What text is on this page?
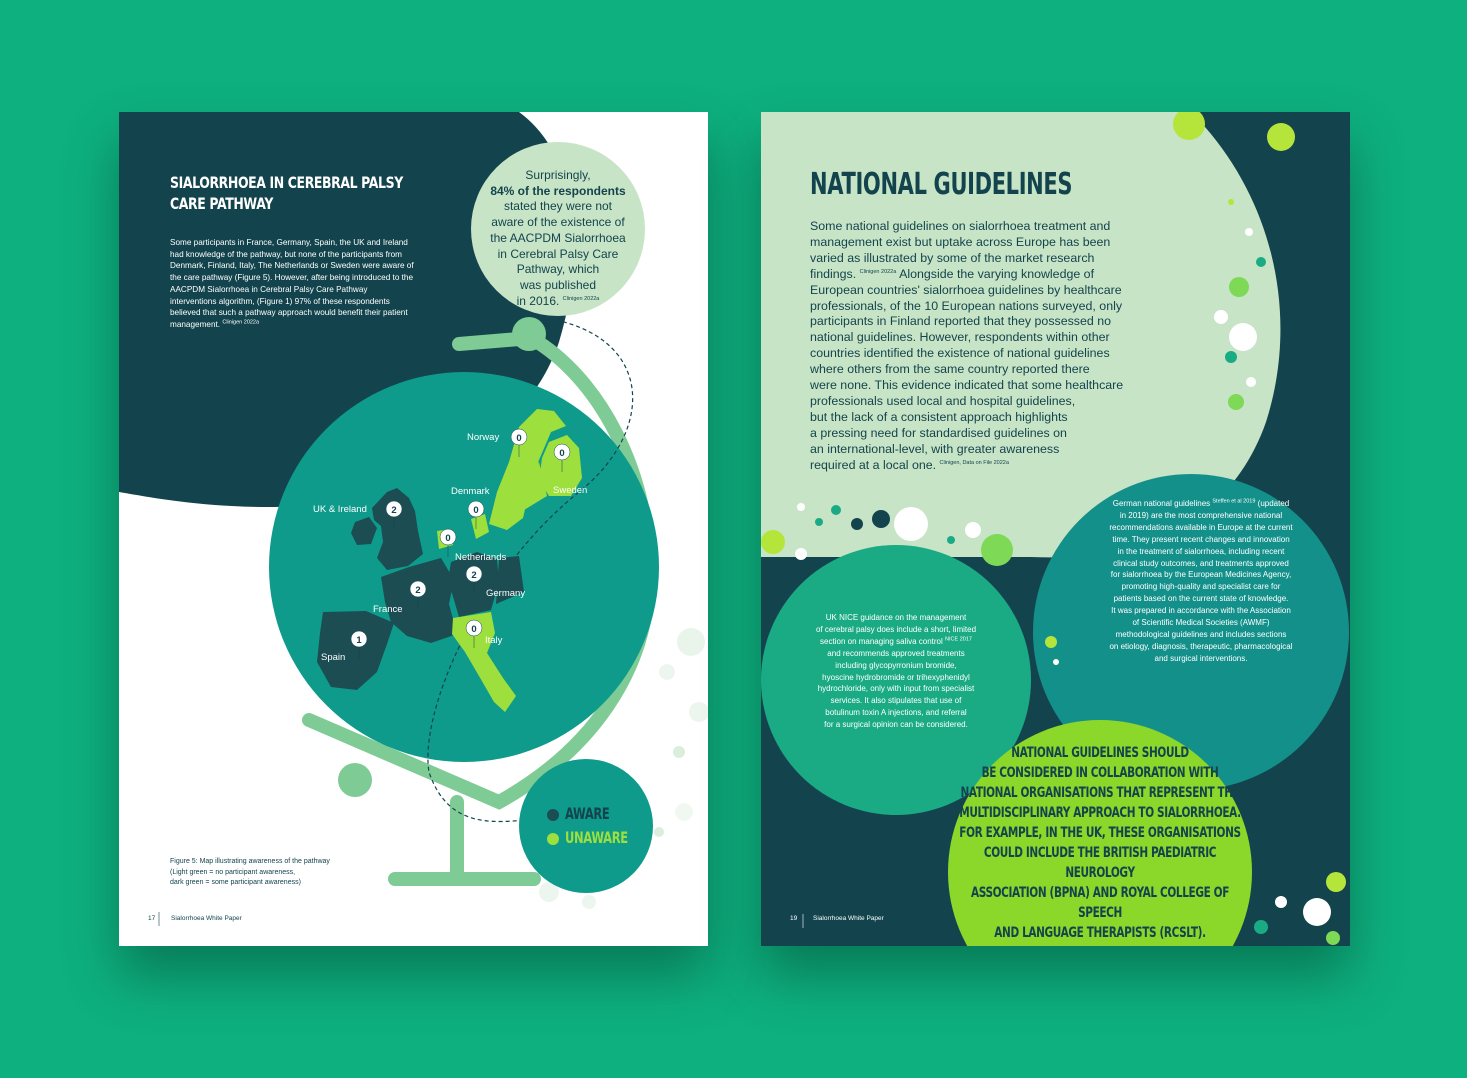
0
0
0
2
0
2
2
0
1
Norway
Sweden
Denmark
UK & Ireland
Netherlands
Germany
France
Italy
Spain
Surprisingly,
84% of the respondents
stated they were not
aware of the existence of
the AACPDM Sialorrhoea
in Cerebral Palsy Care
Pathway, which
was published
in 2016. $^{Clinigen 2022a}$
SIALORRHOEA IN CEREBRAL PALSY
CARE PATHWAY
Some participants in France, Germany, Spain, the UK and Ireland had knowledge of the pathway, but none of the participants from Denmark, Finland, Italy, The Netherlands or Sweden were aware of the care pathway (Figure 5). However, after being introduced to the AACPDM Sialorrhoea in Cerebral Palsy Care Pathway interventions algorithm, (Figure 1) 97% of these respondents believed that such a pathway approach would benefit their patient management. $^{Clinigen 2022a}$
AWARE
UNAWARE
Figure 5: Map illustrating awareness of the pathway
(Light green = no participant awareness,
dark green = some participant awareness)
17 Sialorrhoea White Paper
NATIONAL GUIDELINES
Some national guidelines on sialorrhoea treatment and
management exist but uptake across Europe has been
varied as illustrated by some of the market research
findings. $^{Clinigen 2022a}$ Alongside the varying knowledge of
European countries' sialorrhoea guidelines by healthcare
professionals, of the 10 European nations surveyed, only
participants in Finland reported that they possessed no
national guidelines. However, respondents within other
countries identified the existence of national guidelines
where others from the same country reported there
were none. This evidence indicated that some healthcare
professionals used local and hospital guidelines,
but the lack of a consistent approach highlights
a pressing need for standardised guidelines on
an international-level, with greater awareness
required at a local one. $^{Clinigen, Data on File 2022a}$
German national guidelines $^{Steffen et al 2019}$ (updated
in 2019) are the most comprehensive national
recommendations available in Europe at the current
time. They present recent changes and innovation
in the treatment of sialorrhoea, including recent
clinical study outcomes, and treatments approved
for sialorrhoea by the European Medicines Agency,
promoting high-quality and specialist care for
patients based on the current state of knowledge.
It was prepared in accordance with the Association
of Scientific Medical Societies (AWMF)
methodological guidelines and includes sections
on etiology, diagnosis, therapeutic, pharmacological
and surgical interventions.
UK NICE guidance on the management
of cerebral palsy does include a short, limited
section on managing saliva control $^{NICE 2017}$
and recommends approved treatments
including glycopyrronium bromide,
hyoscine hydrobromide or trihexyphenidyl
hydrochloride, only with input from specialist
services. It also stipulates that use of
botulinum toxin A injections, and referral
for a surgical opinion can be considered.
NATIONAL GUIDELINES SHOULD
BE CONSIDERED IN COLLABORATION WITH
NATIONAL ORGANISATIONS THAT REPRESENT THE
MULTIDISCIPLINARY APPROACH TO SIALORRHOEA.
FOR EXAMPLE, IN THE UK, THESE ORGANISATIONS
COULD INCLUDE THE BRITISH PAEDIATRIC NEUROLOGY
ASSOCIATION (BPNA) AND ROYAL COLLEGE OF SPEECH
AND LANGUAGE THERAPISTS (RCSLT).
19 Sialorrhoea White Paper
